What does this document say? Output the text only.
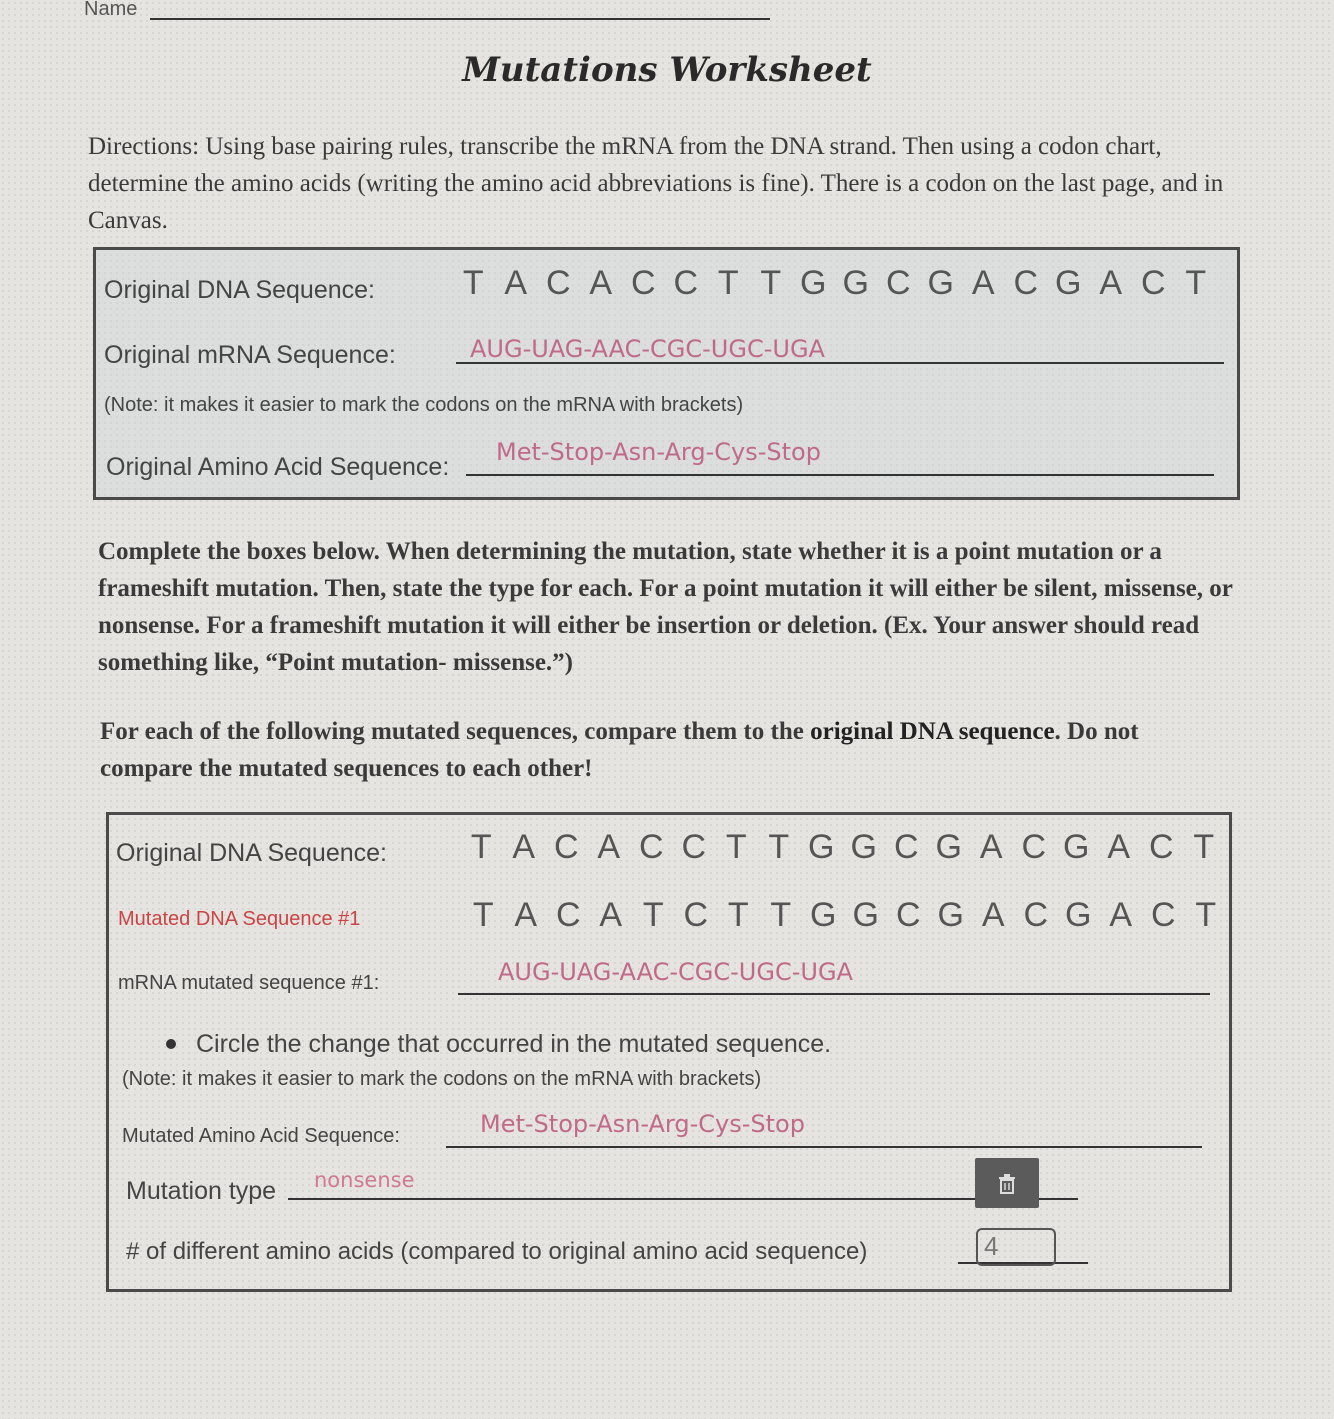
Name
Mutations Worksheet
Directions: Using base pairing rules, transcribe the mRNA from the DNA strand. Then using a codon chart, determine the amino acids (writing the amino acid abbreviations is fine). There is a codon on the last page, and in Canvas.
Original DNA Sequence:	T A C A C C T T G G C G A C G A C T
Original mRNA Sequence:	AUG-UAG-AAC-CGC-UGC-UGA
(Note: it makes it easier to mark the codons on the mRNA with brackets)
Original Amino Acid Sequence:
Met-Stop-Asn-Arg-Cys-Stop
Complete the boxes below. When determining the mutation, state whether it is a point mutation or a frameshift mutation. Then, state the type for each. For a point mutation it will either be silent, missense, or nonsense. For a frameshift mutation it will either be insertion or deletion. (Ex. Your answer should read something like, “Point mutation- missense.”)
For each of the following mutated sequences, compare them to the original DNA sequence. Do not compare the mutated sequences to each other!
Original DNA Sequence:	T A C A C C T T G G C G A C G A C T
Mutated DNA Sequence #1	T A C A T C T T G G C G A C G A C T
mRNA mutated sequence #1:	AUG-UAG-AAC-CGC-UGC-UGA
Circle the change that occurred in the mutated sequence.
(Note: it makes it easier to mark the codons on the mRNA with brackets)
Mutated Amino Acid Sequence:	Met-Stop-Asn-Arg-Cys-Stop
Mutation type nonsense
# of different amino acids (compared to original amino acid sequence)	4
